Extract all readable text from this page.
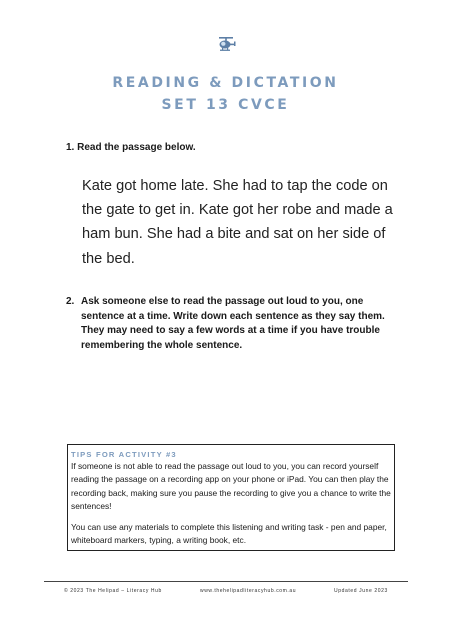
READING & DICTATION
SET 13 CVCE
1. Read the passage below.
Kate got home late. She had to tap the code on the gate to get in. Kate got her robe and made a ham bun. She had a bite and sat on her side of the bed.
2. Ask someone else to read the passage out loud to you, one sentence at a time. Write down each sentence as they say them. They may need to say a few words at a time if you have trouble remembering the whole sentence.
TIPS FOR ACTIVITY #3

If someone is not able to read the passage out loud to you, you can record yourself reading the passage on a recording app on your phone or iPad. You can then play the recording back, making sure you pause the recording to give you a chance to write the sentences!

You can use any materials to complete this listening and writing task - pen and paper, whiteboard markers, typing, a writing book, etc.

© 2023 The Helipad – Literacy Hub	www.thehelipadliteracyhub.com.au	Updated June 2023
